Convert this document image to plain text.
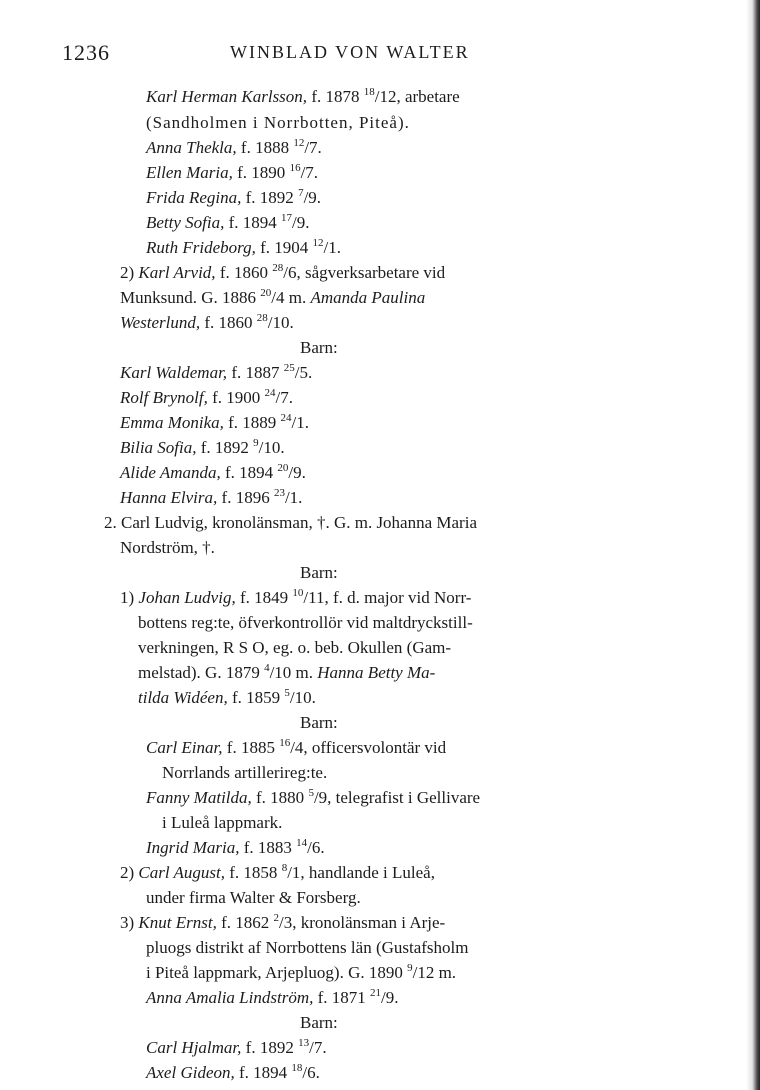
1236	WINBLAD VON WALTER
Karl Herman Karlsson, f. 1878 $^{18}$/12, arbetare
(Sandholmen i Norrbotten, Piteå).
Anna Thekla, f. 1888 $^{12}$/7.
Ellen Maria, f. 1890 $^{16}$/7.
Frida Regina, f. 1892 $^7$/9.
Betty Sofia, f. 1894 $^{17}$/9.
Ruth Frideborg, f. 1904 $^{12}$/1.
2) Karl Arvid, f. 1860 $^{28}$/6, sågverksarbetare vid
Munksund. G. 1886 $^{20}$/4 m. Amanda Paulina
Westerlund, f. 1860 $^{28}$/10.
Barn:
Karl Waldemar, f. 1887 $^{25}$/5.
Rolf Brynolf, f. 1900 $^{24}$/7.
Emma Monika, f. 1889 $^{24}$/1.
Bilia Sofia, f. 1892 $^9$/10.
Alide Amanda, f. 1894 $^{20}$/9.
Hanna Elvira, f. 1896 $^{23}$/1.
2. Carl Ludvig, kronolänsman, †. G. m. Johanna Maria
Nordström, †.
Barn:
1) Johan Ludvig, f. 1849 $^{10}$/11, f. d. major vid Norr-
bottens reg:te, öfverkontrollör vid maltdryckstill-
verkningen, R S O, eg. o. beb. Okullen (Gam-
melstad). G. 1879 $^4$/10 m. Hanna Betty Ma-
tilda Widéen, f. 1859 $^5$/10.
Barn:
Carl Einar, f. 1885 $^{16}$/4, officersvolontär vid
Norrlands artillerireg:te.
Fanny Matilda, f. 1880 $^5$/9, telegrafist i Gellivare
i Luleå lappmark.
Ingrid Maria, f. 1883 $^{14}$/6.
2) Carl August, f. 1858 $^8$/1, handlande i Luleå,
under firma Walter & Forsberg.
3) Knut Ernst, f. 1862 $^2$/3, kronolänsman i Arje-
pluogs distrikt af Norrbottens län (Gustafsholm
i Piteå lappmark, Arjepluog). G. 1890 $^9$/12 m.
Anna Amalia Lindström, f. 1871 $^{21}$/9.
Barn:
Carl Hjalmar, f. 1892 $^{13}$/7.
Axel Gideon, f. 1894 $^{18}$/6.
